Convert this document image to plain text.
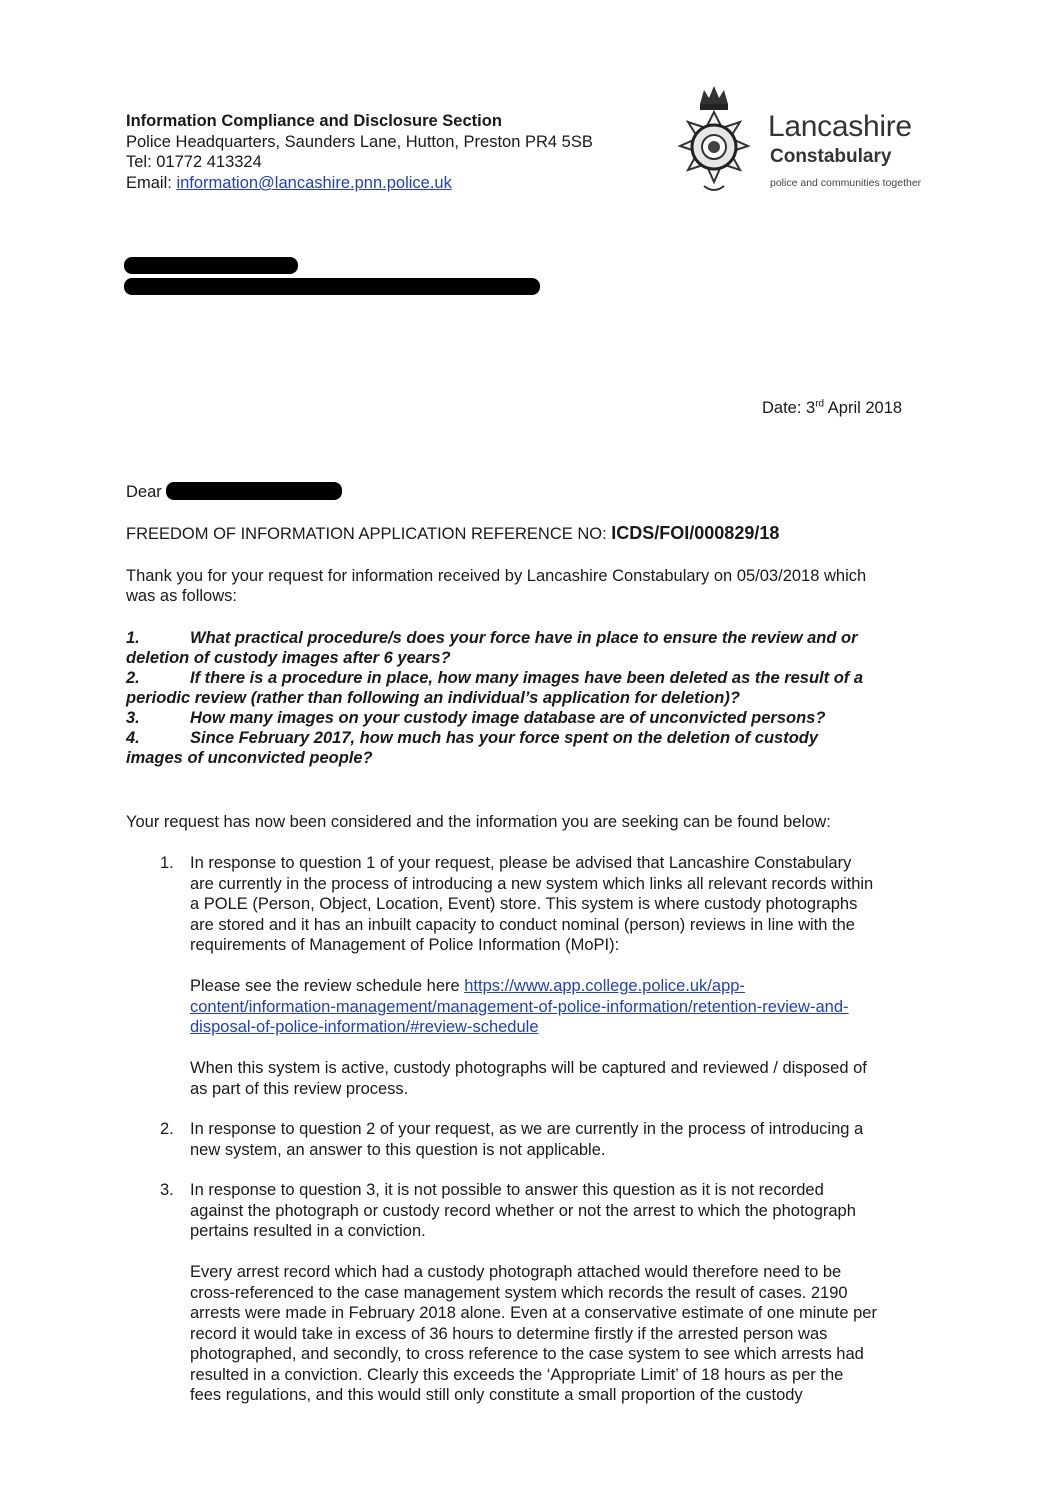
Information Compliance and Disclosure Section
Police Headquarters, Saunders Lane, Hutton, Preston PR4 5SB
Tel: 01772 413324
Email: information@lancashire.pnn.police.uk
Lancashire
Constabulary
police and communities together
Date: 3rd April 2018
Dear
FREEDOM OF INFORMATION APPLICATION REFERENCE NO: ICDS/FOI/000829/18
Thank you for your request for information received by Lancashire Constabulary on 05/03/2018 which
was as follows:
1.	What practical procedure/s does your force have in place to ensure the review and or
deletion of custody images after 6 years?
2.	If there is a procedure in place, how many images have been deleted as the result of a
periodic review (rather than following an individual’s application for deletion)?
3.	How many images on your custody image database are of unconvicted persons?
4.	Since February 2017, how much has your force spent on the deletion of custody
images of unconvicted people?
Your request has now been considered and the information you are seeking can be found below:
1. In response to question 1 of your request, please be advised that Lancashire Constabulary
are currently in the process of introducing a new system which links all relevant records within
a POLE (Person, Object, Location, Event) store. This system is where custody photographs
are stored and it has an inbuilt capacity to conduct nominal (person) reviews in line with the
requirements of Management of Police Information (MoPI):
Please see the review schedule here https://www.app.college.police.uk/app-
content/information-management/management-of-police-information/retention-review-and-
disposal-of-police-information/#review-schedule
When this system is active, custody photographs will be captured and reviewed / disposed of
as part of this review process.
2. In response to question 2 of your request, as we are currently in the process of introducing a
new system, an answer to this question is not applicable.
3. In response to question 3, it is not possible to answer this question as it is not recorded
against the photograph or custody record whether or not the arrest to which the photograph
pertains resulted in a conviction.
Every arrest record which had a custody photograph attached would therefore need to be
cross-referenced to the case management system which records the result of cases. 2190
arrests were made in February 2018 alone. Even at a conservative estimate of one minute per
record it would take in excess of 36 hours to determine firstly if the arrested person was
photographed, and secondly, to cross reference to the case system to see which arrests had
resulted in a conviction. Clearly this exceeds the ‘Appropriate Limit’ of 18 hours as per the
fees regulations, and this would still only constitute a small proportion of the custody
